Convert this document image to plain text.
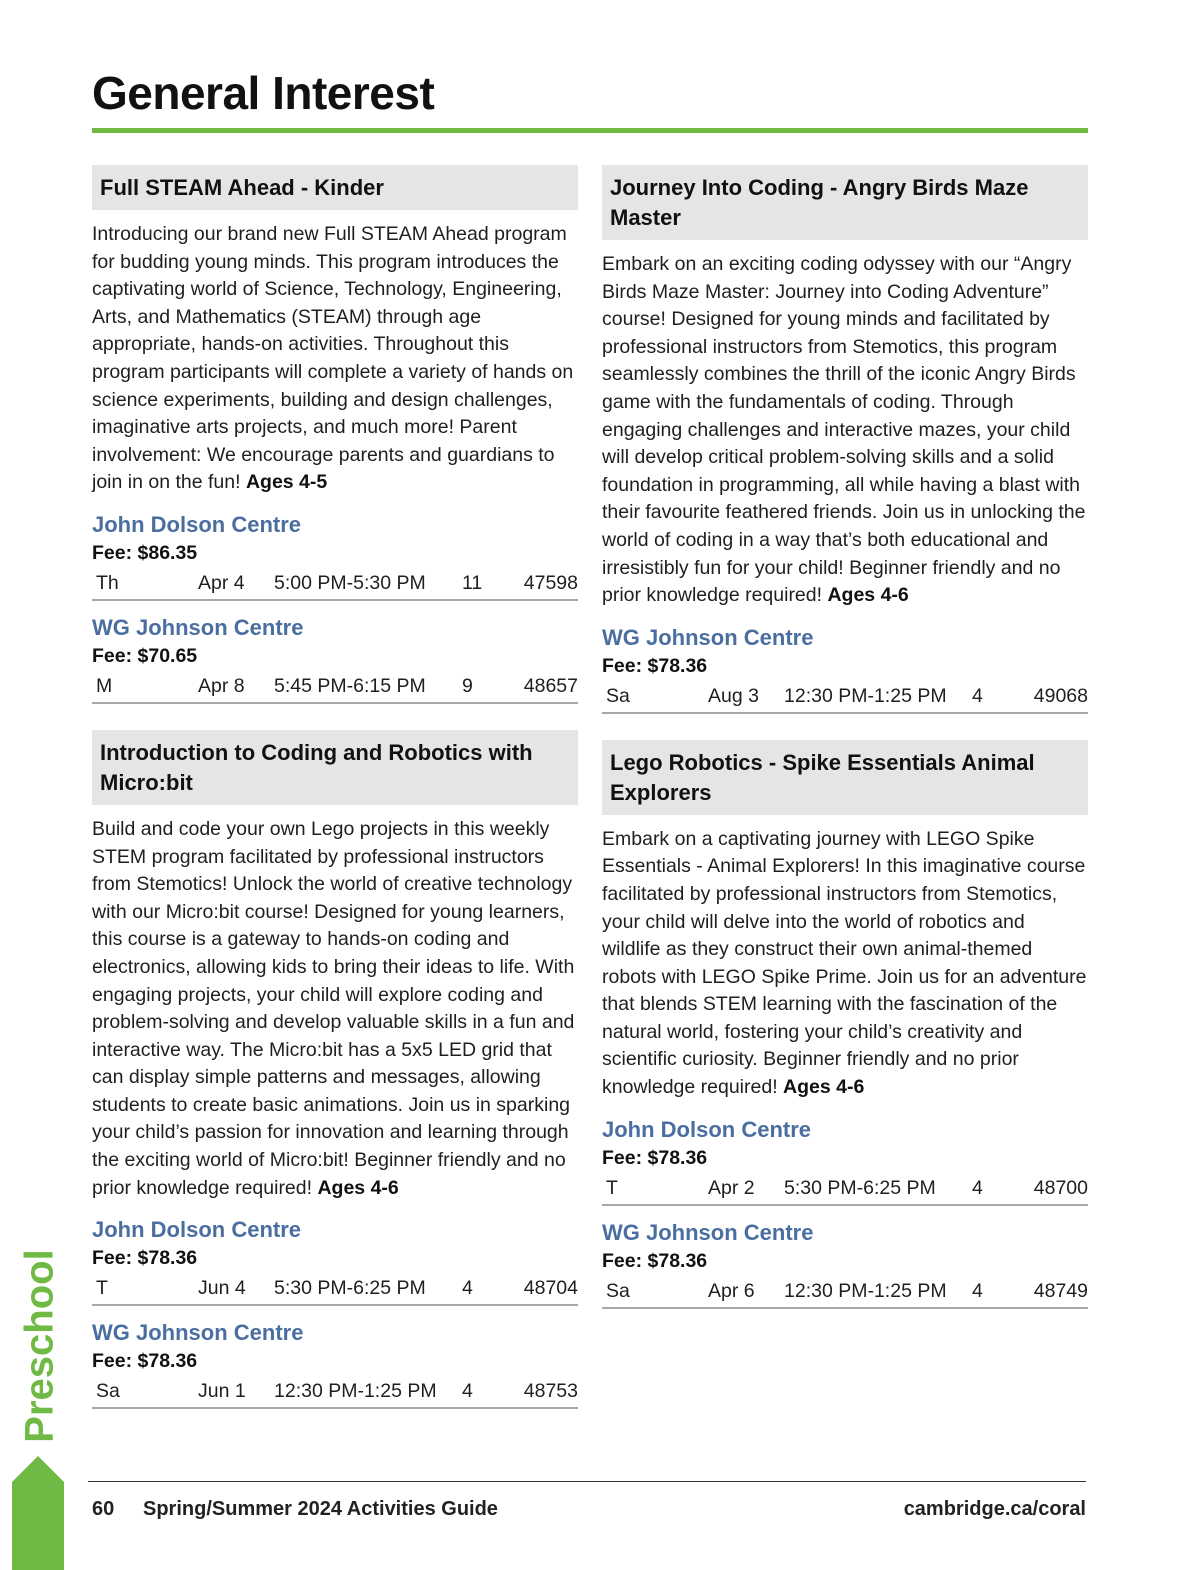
General Interest
Full STEAM Ahead - Kinder

Introducing our brand new Full STEAM Ahead program for budding young minds. This program introduces the captivating world of Science, Technology, Engineering, Arts, and Mathematics (STEAM) through age appropriate, hands-on activities. Throughout this program participants will complete a variety of hands on science experiments, building and design challenges, imaginative arts projects, and much more! Parent involvement: We encourage parents and guardians to join in on the fun! Ages 4-5

John Dolson Centre
Fee: $86.35
Th	Apr 4	5:00 PM-5:30 PM	11	47598
WG Johnson Centre
Fee: $70.65
M	Apr 8	5:45 PM-6:15 PM	9	48657
Introduction to Coding and Robotics with Micro:bit

Build and code your own Lego projects in this weekly STEM program facilitated by professional instructors from Stemotics! Unlock the world of creative technology with our Micro:bit course! Designed for young learners, this course is a gateway to hands-on coding and electronics, allowing kids to bring their ideas to life. With engaging projects, your child will explore coding and problem-solving and develop valuable skills in a fun and interactive way. The Micro:bit has a 5x5 LED grid that can display simple patterns and messages, allowing students to create basic animations. Join us in sparking your child’s passion for innovation and learning through the exciting world of Micro:bit! Beginner friendly and no prior knowledge required! Ages 4-6

John Dolson Centre
Fee: $78.36
T	Jun 4	5:30 PM-6:25 PM	4	48704
WG Johnson Centre
Fee: $78.36
Sa	Jun 1	12:30 PM-1:25 PM	4	48753
Journey Into Coding - Angry Birds Maze Master

Embark on an exciting coding odyssey with our “Angry Birds Maze Master: Journey into Coding Adventure” course! Designed for young minds and facilitated by professional instructors from Stemotics, this program seamlessly combines the thrill of the iconic Angry Birds game with the fundamentals of coding. Through engaging challenges and interactive mazes, your child will develop critical problem-solving skills and a solid foundation in programming, all while having a blast with their favourite feathered friends. Join us in unlocking the world of coding in a way that’s both educational and irresistibly fun for your child! Beginner friendly and no prior knowledge required! Ages 4-6

WG Johnson Centre
Fee: $78.36
Sa	Aug 3	12:30 PM-1:25 PM	4	49068
Lego Robotics - Spike Essentials Animal Explorers

Embark on a captivating journey with LEGO Spike Essentials - Animal Explorers! In this imaginative course facilitated by professional instructors from Stemotics, your child will delve into the world of robotics and wildlife as they construct their own animal-themed robots with LEGO Spike Prime. Join us for an adventure that blends STEM learning with the fascination of the natural world, fostering your child’s creativity and scientific curiosity. Beginner friendly and no prior knowledge required! Ages 4-6

John Dolson Centre
Fee: $78.36
T	Apr 2	5:30 PM-6:25 PM	4	48700
WG Johnson Centre
Fee: $78.36
Sa	Apr 6	12:30 PM-1:25 PM	4	48749
Preschool
60 Spring/Summer 2024 Activities Guide	cambridge.ca/coral
